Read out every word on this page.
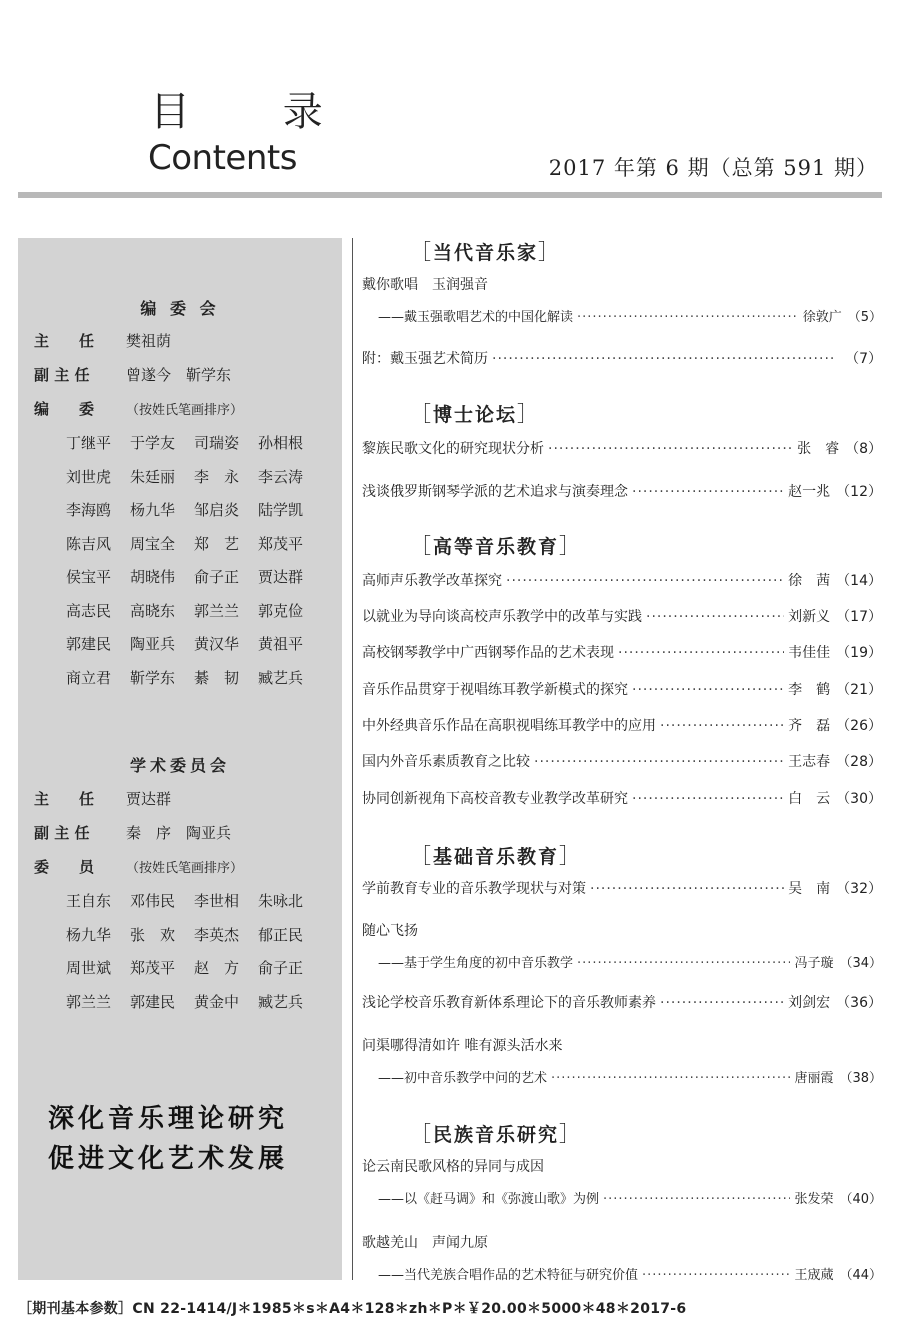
目 录
Contents	2017 年第 6 期（总第 591 期）
编 委 会
主　　任 樊祖荫
副 主 任 曾遂今　靳学东
编　　委 （按姓氏笔画排序）
丁继平 于学友 司瑞姿 孙相根
刘世虎 朱廷丽 李　永 李云涛
李海鸥 杨九华 邹启炎 陆学凯
陈吉风 周宝全 郑　艺 郑茂平
侯宝平 胡晓伟 俞子正 贾达群
高志民 高晓东 郭兰兰 郭克俭
郭建民 陶亚兵 黄汉华 黄祖平
商立君 靳学东 綦　韧 臧艺兵
学术委员会
主　　任 贾达群
副 主 任 秦　序　陶亚兵
委　　员 （按姓氏笔画排序）
王自东 邓伟民 李世相 朱咏北
杨九华 张　欢 李英杰 郁正民
周世斌 郑茂平 赵　方 俞子正
郭兰兰 郭建民 黄金中 臧艺兵
深化音乐理论研究
促进文化艺术发展
［当代音乐家］
［博士论坛］
［高等音乐教育］
［基础音乐教育］
［民族音乐研究］
戴你歌唱　玉润强音
——戴玉强歌唱艺术的中国化解读 ·····	徐敦广 （5）
附：戴玉强艺术简历 ·····	（7）
黎族民歌文化的研究现状分析 ·····	张　睿 （8）
浅谈俄罗斯钢琴学派的艺术追求与演奏理念 ·····	赵一兆 （12）
高师声乐教学改革探究 ·····	徐　茜 （14）
以就业为导向谈高校声乐教学中的改革与实践 ·····	刘新义 （17）
高校钢琴教学中广西钢琴作品的艺术表现 ·····	韦佳佳 （19）
音乐作品贯穿于视唱练耳教学新模式的探究 ·····	李　鹤 （21）
中外经典音乐作品在高职视唱练耳教学中的应用 ·····	齐　磊 （26）
国内外音乐素质教育之比较 ·····	王志春 （28）
协同创新视角下高校音教专业教学改革研究 ·····	白　云 （30）
学前教育专业的音乐教学现状与对策 ·····	吴　南 （32）
随心飞扬
——基于学生角度的初中音乐教学 ·····	冯子璇 （34）
浅论学校音乐教育新体系理论下的音乐教师素养 ·····	刘剑宏 （36）
问渠哪得清如许 唯有源头活水来
——初中音乐教学中问的艺术 ·····	唐丽霞 （38）
论云南民歌风格的异同与成因
——以《赶马调》和《弥渡山歌》为例 ·····	张发荣 （40）
歌越羌山　声闻九原
——当代羌族合唱作品的艺术特征与研究价值 ·····	王宬蒇 （44）
［期刊基本参数］CN 22-1414/J＊1985＊s＊A4＊128＊zh＊P＊￥20.00＊5000＊48＊2017-6
